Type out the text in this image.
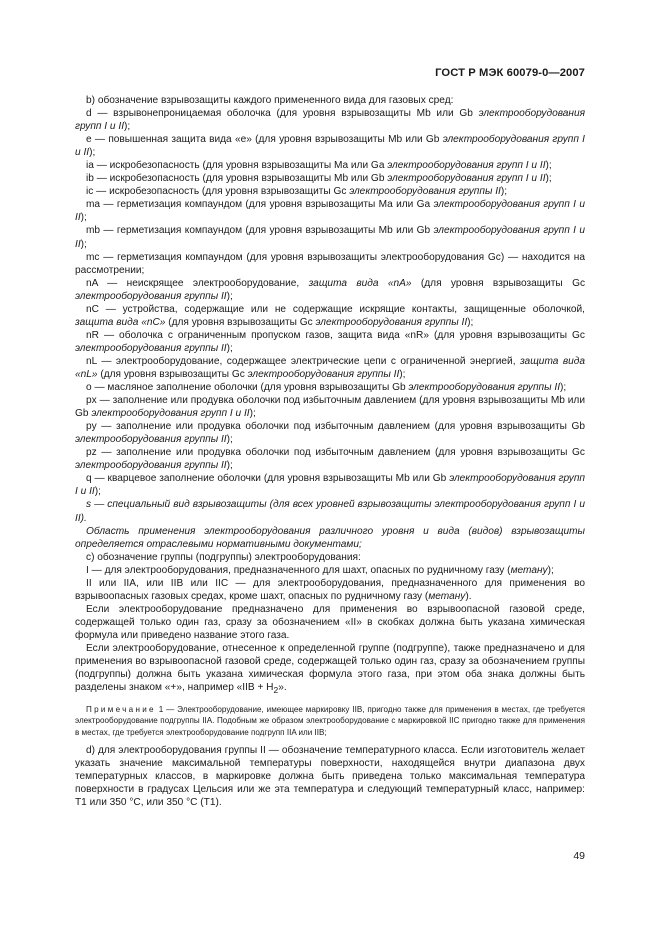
ГОСТ Р МЭК 60079-0—2007

b) обозначение взрывозащиты каждого примененного вида для газовых сред:

d — взрывонепроницаемая оболочка (для уровня взрывозащиты Mb или Gb электрооборудования групп I и II);

e — повышенная защита вида «е» (для уровня взрывозащиты Mb или Gb электрооборудования групп I и II);

ia — искробезопасность (для уровня взрывозащиты Ma или Ga электрооборудования групп I и II);

ib — искробезопасность (для уровня взрывозащиты Mb или Gb электрооборудования групп I и II);

ic — искробезопасность (для уровня взрывозащиты Gc электрооборудования группы II);

ma — герметизация компаундом (для уровня взрывозащиты Ma или Ga электрооборудования групп I и II);

mb — герметизация компаундом (для уровня взрывозащиты Mb или Gb электрооборудования групп I и II);

mc — герметизация компаундом (для уровня взрывозащиты электрооборудования Gc) — находится на рассмотрении;

nA — неискрящее электрооборудование, защита вида «nA» (для уровня взрывозащиты Gc электрооборудования группы II);

nC — устройства, содержащие или не содержащие искрящие контакты, защищенные оболочкой, защита вида «nC» (для уровня взрывозащиты Gc электрооборудования группы II);

nR — оболочка с ограниченным пропуском газов, защита вида «nR» (для уровня взрывозащиты Gc электрооборудования группы II);

nL — электрооборудование, содержащее электрические цепи с ограниченной энергией, защита вида «nL» (для уровня взрывозащиты Gc электрооборудования группы II);

o — масляное заполнение оболочки (для уровня взрывозащиты Gb электрооборудования группы II);

px — заполнение или продувка оболочки под избыточным давлением (для уровня взрывозащиты Mb или Gb электрооборудования групп I и II);

py — заполнение или продувка оболочки под избыточным давлением (для уровня взрывозащиты Gb электрооборудования группы II);

pz — заполнение или продувка оболочки под избыточным давлением (для уровня взрывозащиты Gc электрооборудования группы II);

q — кварцевое заполнение оболочки (для уровня взрывозащиты Mb или Gb электрооборудования групп I и II);

s — специальный вид взрывозащиты (для всех уровней взрывозащиты электрооборудования групп I и II).

Область применения электрооборудования различного уровня и вида (видов) взрывозащиты определяется отраслевыми нормативными документами;

c) обозначение группы (подгруппы) электрооборудования:

I — для электрооборудования, предназначенного для шахт, опасных по рудничному газу (метану);

II или IIA, или IIB или IIC — для электрооборудования, предназначенного для применения во взрывоопасных газовых средах, кроме шахт, опасных по рудничному газу (метану).

Если электрооборудование предназначено для применения во взрывоопасной газовой среде, содержащей только один газ, сразу за обозначением «II» в скобках должна быть указана химическая формула или приведено название этого газа.

Если электрооборудование, отнесенное к определенной группе (подгруппе), также предназначено и для применения во взрывоопасной газовой среде, содержащей только один газ, сразу за обозначением группы (подгруппы) должна быть указана химическая формула этого газа, при этом оба знака должны быть разделены знаком «+», например «IIB + $H_2$».

Примечание 1 — Электрооборудование, имеющее маркировку IIB, пригодно также для применения в местах, где требуется электрооборудование подгруппы IIA. Подобным же образом электрооборудование с маркировкой IIC пригодно также для применения в местах, где требуется электрооборудование подгрупп IIA или IIB;

d) для электрооборудования группы II — обозначение температурного класса. Если изготовитель желает указать значение максимальной температуры поверхности, находящейся внутри диапазона двух температурных классов, в маркировке должна быть приведена только максимальная температура поверхности в градусах Цельсия или же эта температура и следующий температурный класс, например: T1 или 350 °C, или 350 °C (T1).

49
